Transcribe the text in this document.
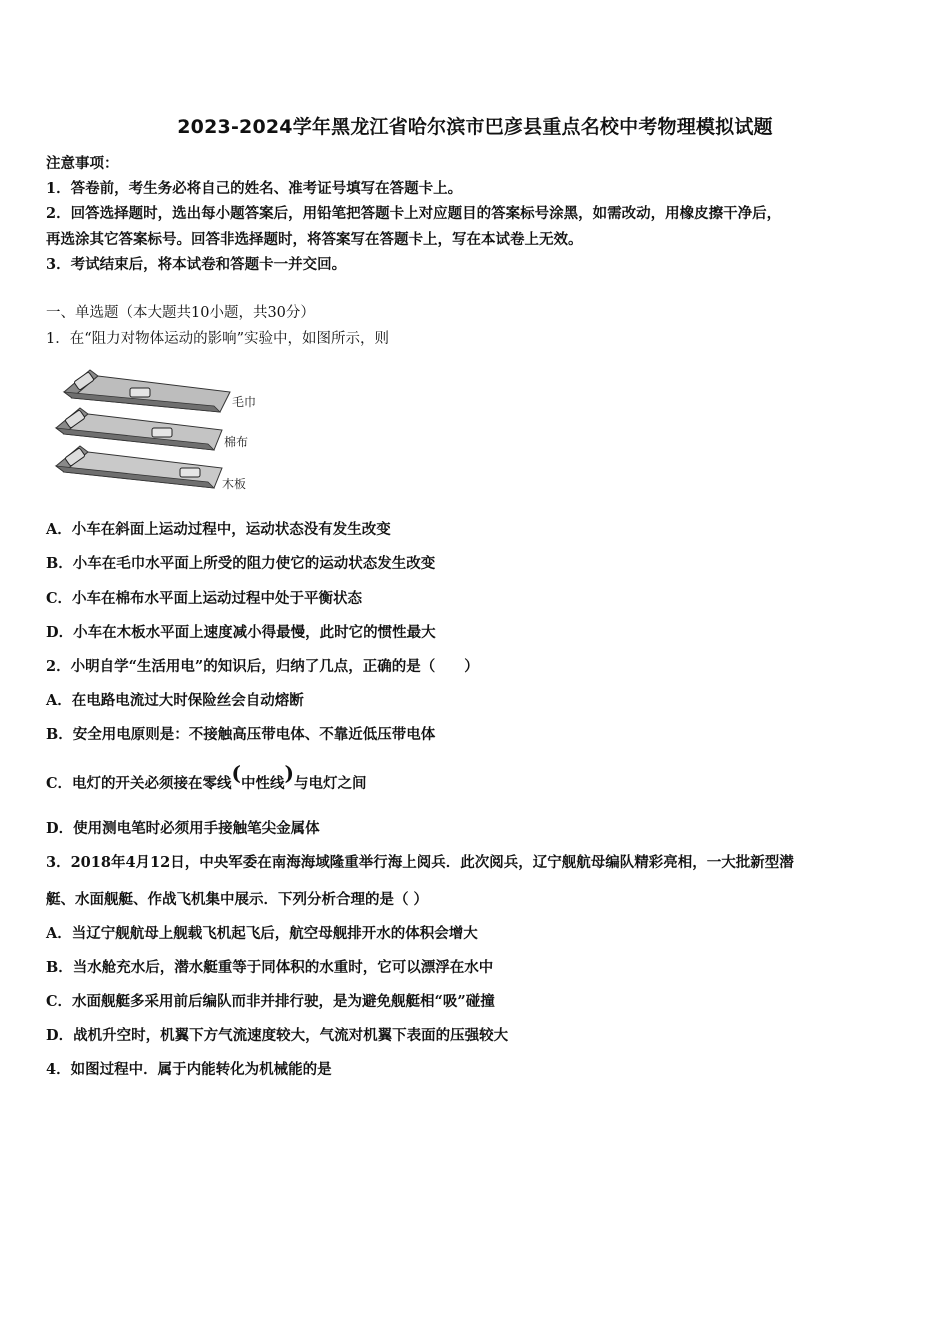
2023-2024学年黑龙江省哈尔滨市巴彦县重点名校中考物理模拟试题
注意事项：
1．答卷前，考生务必将自己的姓名、准考证号填写在答题卡上。
2．回答选择题时，选出每小题答案后，用铅笔把答题卡上对应题目的答案标号涂黑，如需改动，用橡皮擦干净后，
再选涂其它答案标号。回答非选择题时，将答案写在答题卡上，写在本试卷上无效。
3．考试结束后，将本试卷和答题卡一并交回。
一、单选题（本大题共10小题，共30分）
1．在“阻力对物体运动的影响”实验中，如图所示，则
毛巾
棉布
木板
A．小车在斜面上运动过程中，运动状态没有发生改变
B．小车在毛巾水平面上所受的阻力使它的运动状态发生改变
C．小车在棉布水平面上运动过程中处于平衡状态
D．小车在木板水平面上速度减小得最慢，此时它的惯性最大
2．小明自学“生活用电”的知识后，归纳了几点，正确的是（　　）
A．在电路电流过大时保险丝会自动熔断
B．安全用电原则是：不接触高压带电体、不靠近低压带电体
C．电灯的开关必须接在零线(中性线)与电灯之间
D．使用测电笔时必须用手接触笔尖金属体
3．2018年4月12日，中央军委在南海海域隆重举行海上阅兵．此次阅兵，辽宁舰航母编队精彩亮相，一大批新型潜
艇、水面舰艇、作战飞机集中展示．下列分析合理的是（ ）
A．当辽宁舰航母上舰载飞机起飞后，航空母舰排开水的体积会增大
B．当水舱充水后，潜水艇重等于同体积的水重时，它可以漂浮在水中
C．水面舰艇多采用前后编队而非并排行驶，是为避免舰艇相“吸”碰撞
D．战机升空时，机翼下方气流速度较大，气流对机翼下表面的压强较大
4．如图过程中．属于内能转化为机械能的是
